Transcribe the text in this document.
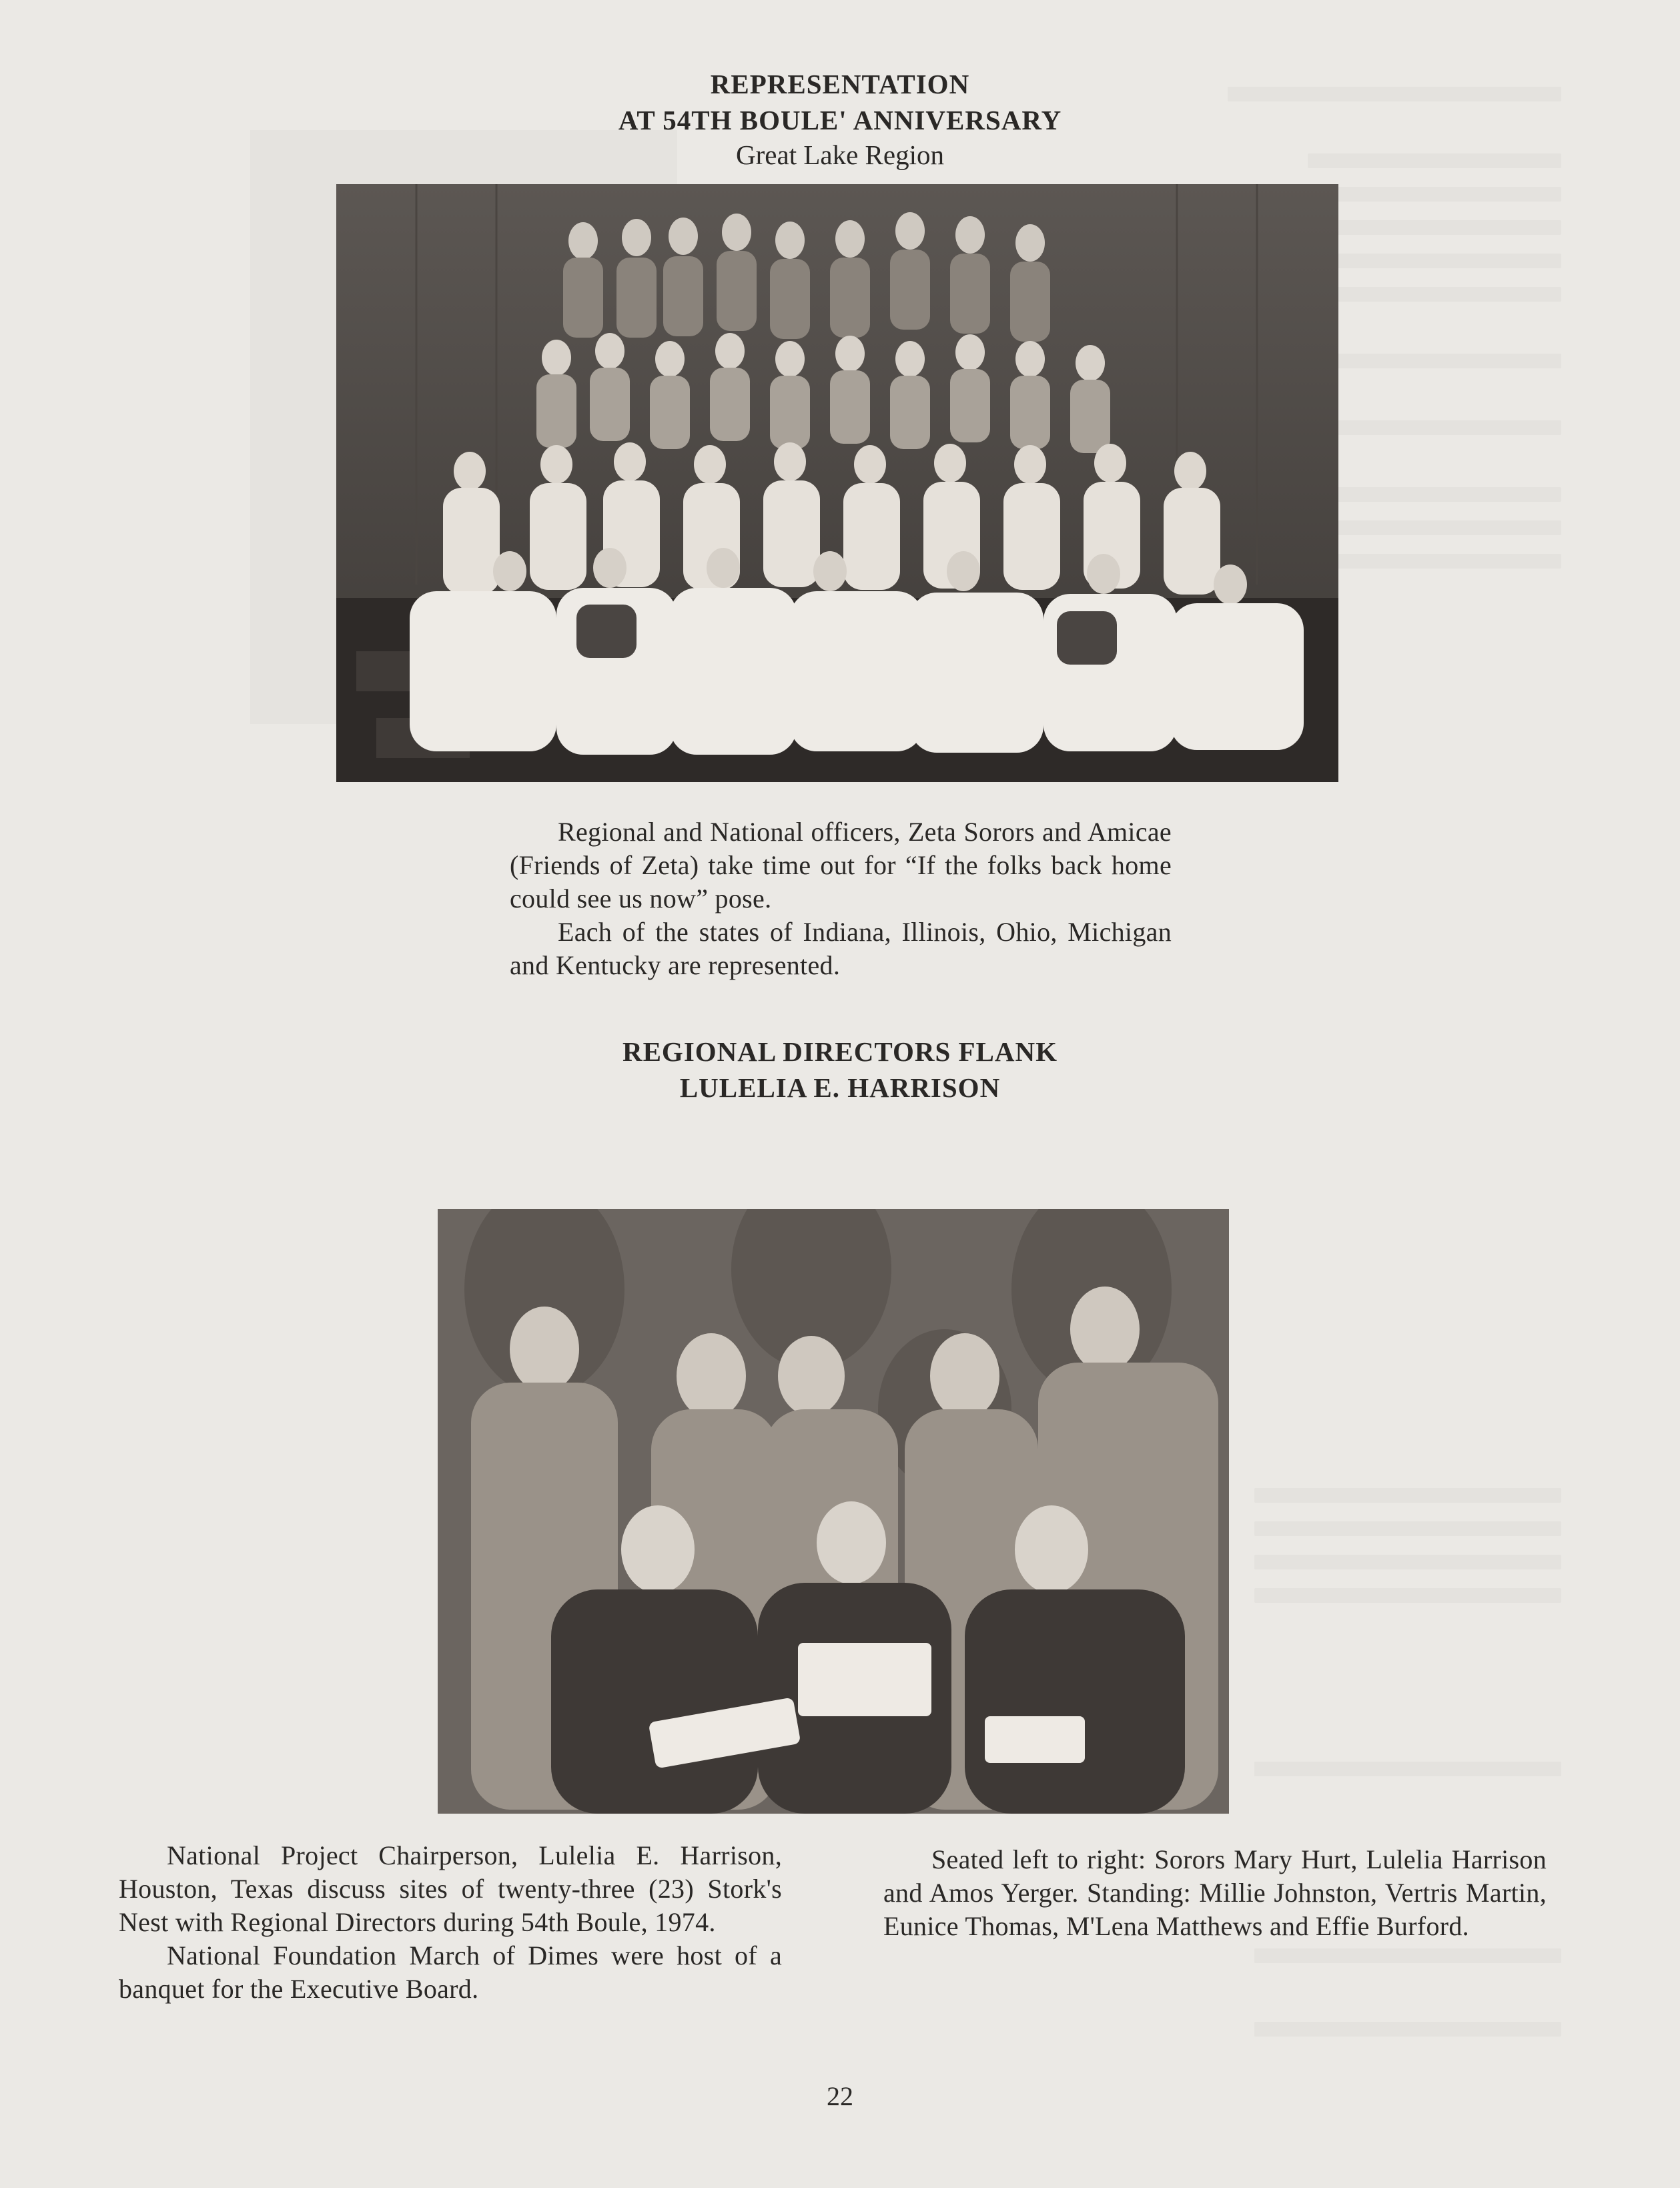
REPRESENTATION
AT 54TH BOULE' ANNIVERSARY
Great Lake Region

Regional and National officers, Zeta Sorors and Amicae (Friends of Zeta) take time out for “If the folks back home could see us now” pose.

Each of the states of Indiana, Illinois, Ohio, Michigan and Kentucky are represented.

REGIONAL DIRECTORS FLANK
LULELIA E. HARRISON

National Project Chairperson, Lulelia E. Harrison, Houston, Texas discuss sites of twenty-three (23) Stork's Nest with Regional Directors during 54th Boule, 1974.

National Foundation March of Dimes were host of a banquet for the Executive Board.

Seated left to right: Sorors Mary Hurt, Lulelia Harrison and Amos Yerger. Standing: Millie Johnston, Vertris Martin, Eunice Thomas, M'Lena Matthews and Effie Burford.

22
